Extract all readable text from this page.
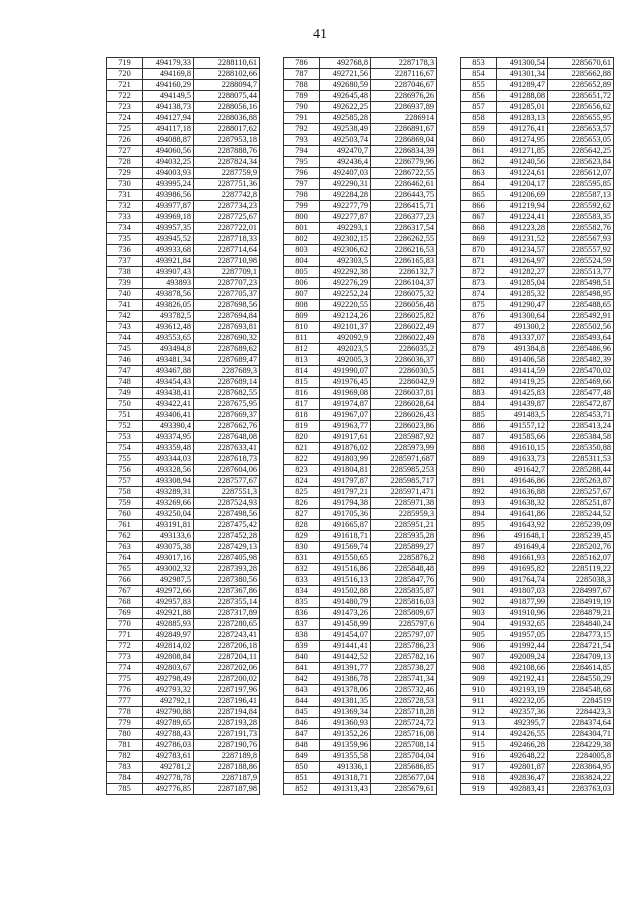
41
719	494179,33	2288110,61
720	494169,8	2288102,66
721	494160,29	2288094,7
722	494149,5	2288075,44
723	494138,73	2288056,16
724	494127,94	2288036,88
725	494117,18	2288017,62
726	494088,87	2287953,18
727	494060,56	2287888,76
728	494032,25	2287824,34
729	494003,93	2287759,9
730	493995,24	2287751,36
731	493986,56	2287742,8
732	493977,87	2287734,23
733	493969,18	2287725,67
734	493957,35	2287722,01
735	493945,52	2287718,33
736	493933,68	2287714,64
737	493921,84	2287710,98
738	493907,43	2287709,1
739	493893	2287707,23
740	493878,56	2287705,37
741	493826,05	2287698,56
742	493782,5	2287694,84
743	493612,48	2287693,81
744	493553,65	2287690,32
745	493494,8	2287689,62
746	493481,34	2287689,47
747	493467,88	2287689,3
748	493454,43	2287689,14
749	493438,41	2287682,55
750	493422,41	2287675,95
751	493406,41	2287669,37
752	493390,4	2287662,76
753	493374,95	2287648,08
754	493359,48	2287633,41
755	493344,03	2287618,73
756	493328,56	2287604,06
757	493308,94	2287577,67
758	493289,31	2287551,3
759	493269,66	2287524,93
760	493250,04	2287498,56
761	493191,81	2287475,42
762	493133,6	2287452,28
763	493075,38	2287429,13
764	493017,16	2287405,98
765	493002,32	2287393,28
766	492987,5	2287380,56
767	492972,66	2287367,86
768	492957,83	2287355,14
769	492921,88	2287317,89
770	492885,93	2287280,65
771	492849,97	2287243,41
772	492814,02	2287206,18
773	492808,84	2287204,11
774	492803,67	2287202,06
775	492798,49	2287200,02
776	492793,32	2287197,96
777	492792,1	2287196,41
778	492790,88	2287194,84
779	492789,65	2287193,28
780	492788,43	2287191,73
781	492786,03	2287190,76
782	492783,61	2287189,8
783	492781,2	2287188,86
784	492778,78	2287187,9
785	492776,85	2287187,98
786	492768,8	2287178,3
787	492721,56	2287116,67
788	492680,59	2287046,67
789	492645,48	2286976,26
790	492622,25	2286937,89
791	492585,28	2286914
792	492538,49	2286891,67
793	492503,74	2286869,04
794	492470,7	2286834,39
795	492436,4	2286779,96
796	492407,03	2286722,55
797	492290,31	2286462,61
798	492284,28	2286443,75
799	492277,79	2286415,71
800	492277,87	2286377,23
801	492293,1	2286317,54
802	492302,15	2286262,55
803	492306,62	2286216,53
804	492303,5	2286165,83
805	492292,38	2286132,7
806	492276,29	2286104,37
807	492252,24	2286075,32
808	492220,55	2286056,48
809	492124,26	2286025,82
810	492101,37	2286022,49
811	492092,9	2286022,49
812	492023,5	2286035,2
813	492005,3	2286036,37
814	491990,07	2286030,5
815	491976,45	2286042,9
816	491969,08	2286037,81
817	491974,87	2286028,64
818	491967,07	2286026,43
819	491963,77	2286023,86
820	491917,61	2285987,92
821	491876,02	2285973,99
822	491803,99	2285971,687
823	491804,81	2285985,253
824	491797,87	2285985,717
825	491797,21	2285971,471
826	491794,38	2285971,38
827	491705,36	2285959,3
828	491665,87	2285951,21
829	491618,71	2285935,28
830	491569,74	2285899,27
831	491550,65	2285876,2
832	491516,86	2285848,48
833	491516,13	2285847,76
834	491502,88	2285835,87
835	491480,79	2285816,03
836	491473,26	2285809,67
837	491458,99	2285797,6
838	491454,07	2285797,07
839	491441,41	2285786,23
840	491442,52	2285782,16
841	491391,77	2285738,27
842	491386,78	2285741,34
843	491378,06	2285732,46
844	491381,35	2285728,53
845	491369,34	2285718,28
846	491360,93	2285724,72
847	491352,26	2285716,08
848	491359,96	2285708,14
849	491355,58	2285704,04
850	491336,1	2285686,85
851	491318,71	2285677,04
852	491313,43	2285679,61
853	491300,54	2285670,61
854	491301,34	2285662,88
855	491289,47	2285652,89
856	491288,08	2285651,72
857	491285,01	2285656,62
858	491283,13	2285655,95
859	491276,41	2285653,57
860	491274,95	2285653,05
861	491271,85	2285642,25
862	491240,56	2285623,84
863	491224,61	2285612,07
864	491204,17	2285595,85
865	491206,69	2285587,13
866	491219,94	2285592,62
867	491224,41	2285583,35
868	491223,28	2285582,76
869	491231,52	2285567,93
870	491234,57	2285557,92
871	491264,97	2285524,59
872	491282,27	2285513,77
873	491285,04	2285498,51
874	491285,32	2285498,95
875	491290,47	2285488,65
876	491300,64	2285492,91
877	491300,2	2285502,56
878	491337,07	2285493,64
879	491384,8	2285486,96
880	491406,58	2285482,39
881	491414,59	2285470,02
882	491419,25	2285469,66
883	491425,83	2285477,48
884	491439,87	2285472,87
885	491483,5	2285453,71
886	491557,12	2285413,24
887	491585,66	2285384,58
888	491610,15	2285350,88
889	491633,73	2285311,53
890	491642,7	2285288,44
891	491646,86	2285263,87
892	491636,88	2285257,67
893	491638,32	2285251,87
894	491641,86	2285244,52
895	491643,92	2285239,09
896	491648,1	2285239,45
897	491649,4	2285202,76
898	491661,93	2285162,07
899	491695,82	2285119,22
900	491764,74	2285038,3
901	491807,03	2284997,67
902	491877,99	2284919,19
903	491910,96	2284879,21
904	491932,65	2284840,24
905	491957,05	2284773,15
906	491992,44	2284721,54
907	492009,24	2284709,13
908	492108,66	2284614,85
909	492192,41	2284550,29
910	492193,19	2284548,68
911	492232,05	2284519
912	492357,36	2284423,3
913	492395,7	2284374,64
914	492426,55	2284304,71
915	492466,28	2284229,38
916	492648,22	2284005,8
917	492801,87	2283864,95
918	492836,47	2283824,22
919	492883,41	2283763,03
